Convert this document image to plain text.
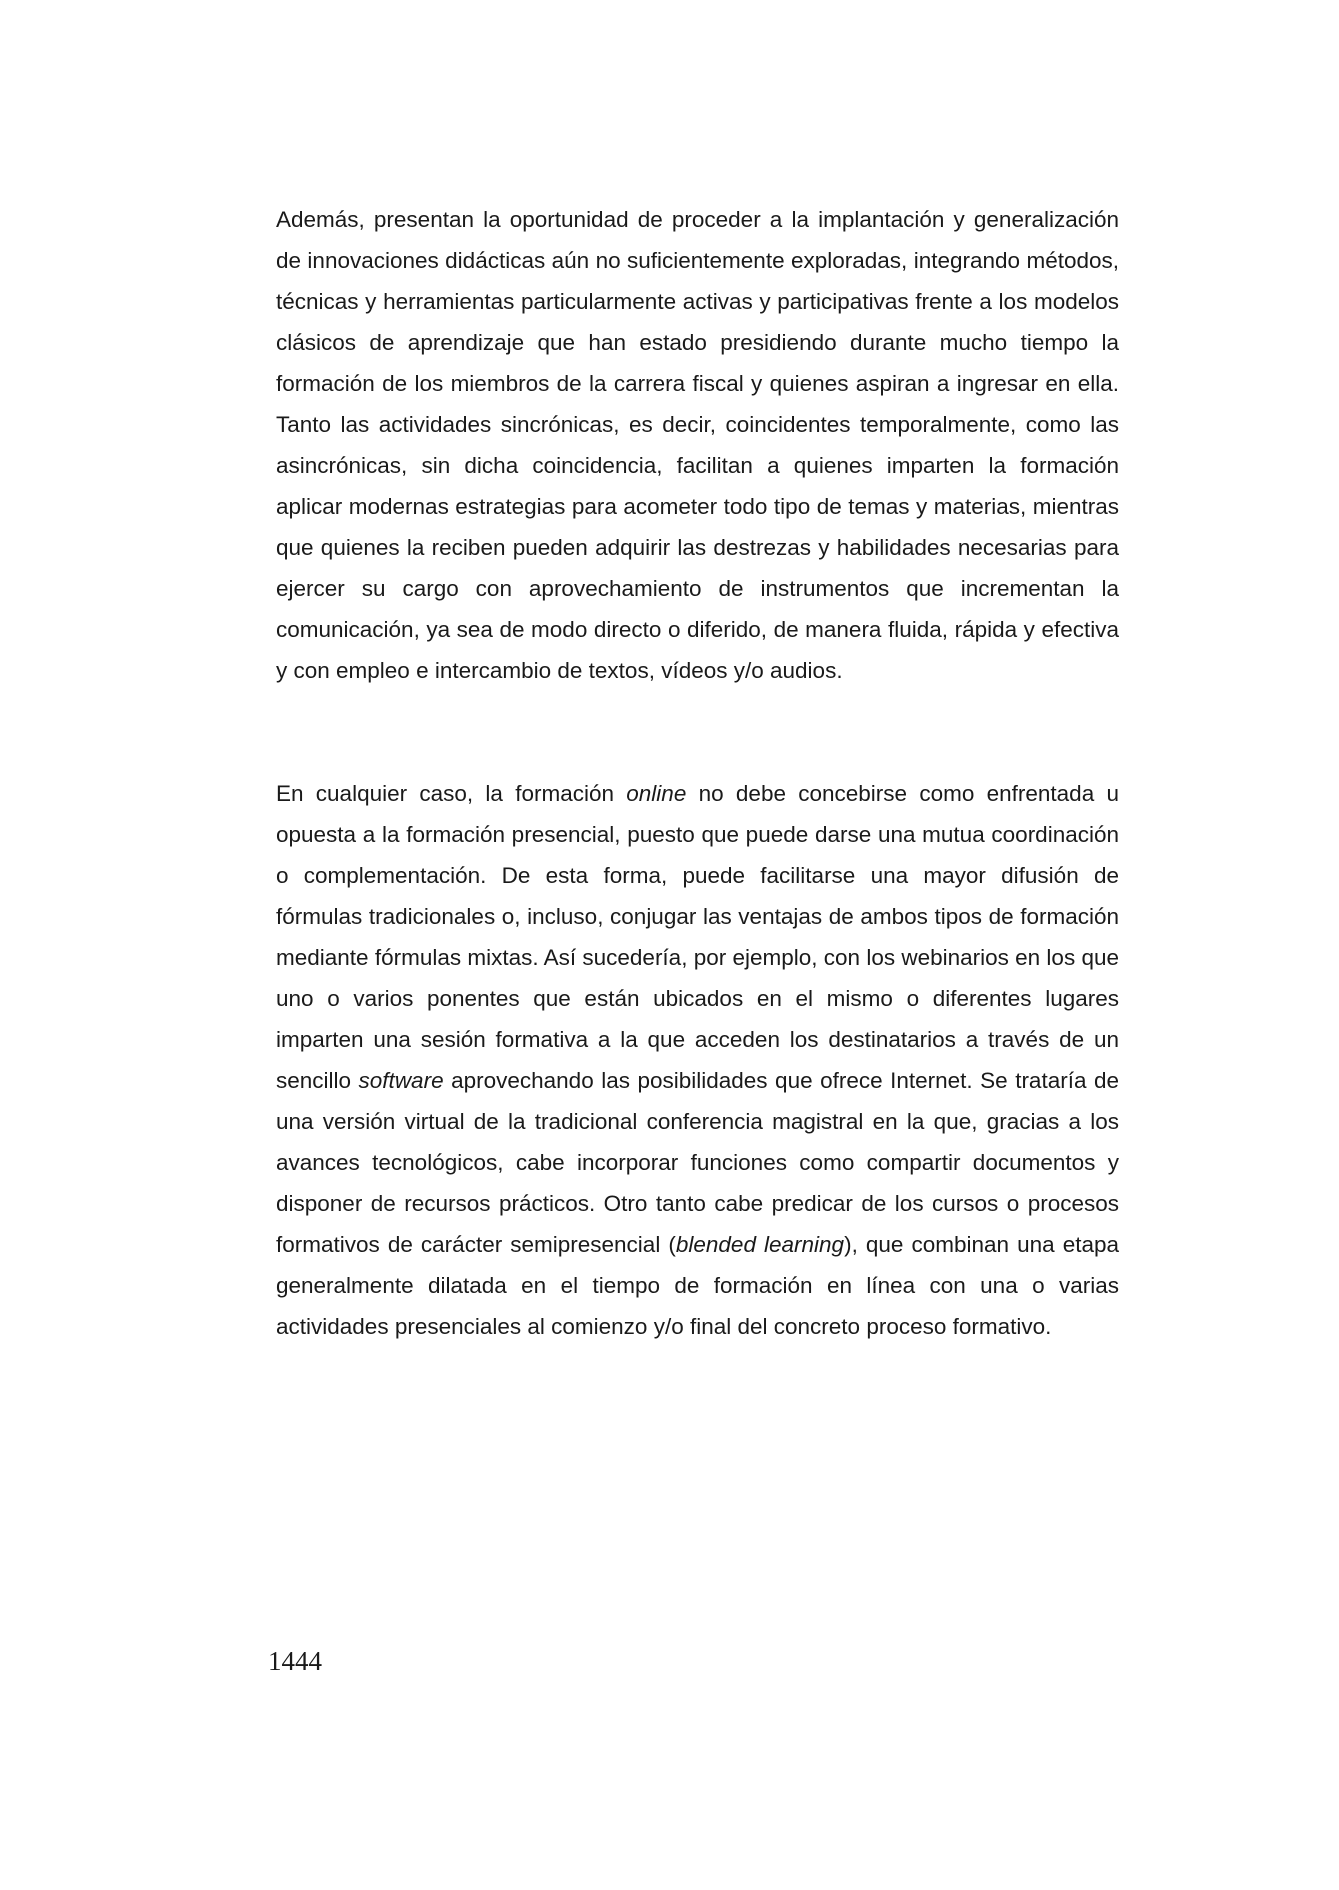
Además, presentan la oportunidad de proceder a la implantación y generalización de innovaciones didácticas aún no suficientemente exploradas, integrando métodos, técnicas y herramientas particularmente activas y participativas frente a los modelos clásicos de aprendizaje que han estado presidiendo durante mucho tiempo la formación de los miembros de la carrera fiscal y quienes aspiran a ingresar en ella. Tanto las actividades sincrónicas, es decir, coincidentes temporalmente, como las asincrónicas, sin dicha coincidencia, facilitan a quienes imparten la formación aplicar modernas estrategias para acometer todo tipo de temas y materias, mientras que quienes la reciben pueden adquirir las destrezas y habilidades necesarias para ejercer su cargo con aprovechamiento de instrumentos que incrementan la comunicación, ya sea de modo directo o diferido, de manera fluida, rápida y efectiva y con empleo e intercambio de textos, vídeos y/o audios.

En cualquier caso, la formación online no debe concebirse como enfrentada u opuesta a la formación presencial, puesto que puede darse una mutua coordinación o complementación. De esta forma, puede facilitarse una mayor difusión de fórmulas tradicionales o, incluso, conjugar las ventajas de ambos tipos de formación mediante fórmulas mixtas. Así sucedería, por ejemplo, con los webinarios en los que uno o varios ponentes que están ubicados en el mismo o diferentes lugares imparten una sesión formativa a la que acceden los destinatarios a través de un sencillo software aprovechando las posibilidades que ofrece Internet. Se trataría de una versión virtual de la tradicional conferencia magistral en la que, gracias a los avances tecnológicos, cabe incorporar funciones como compartir documentos y disponer de recursos prácticos. Otro tanto cabe predicar de los cursos o procesos formativos de carácter semipresencial (blended learning), que combinan una etapa generalmente dilatada en el tiempo de formación en línea con una o varias actividades presenciales al comienzo y/o final del concreto proceso formativo.

1444
